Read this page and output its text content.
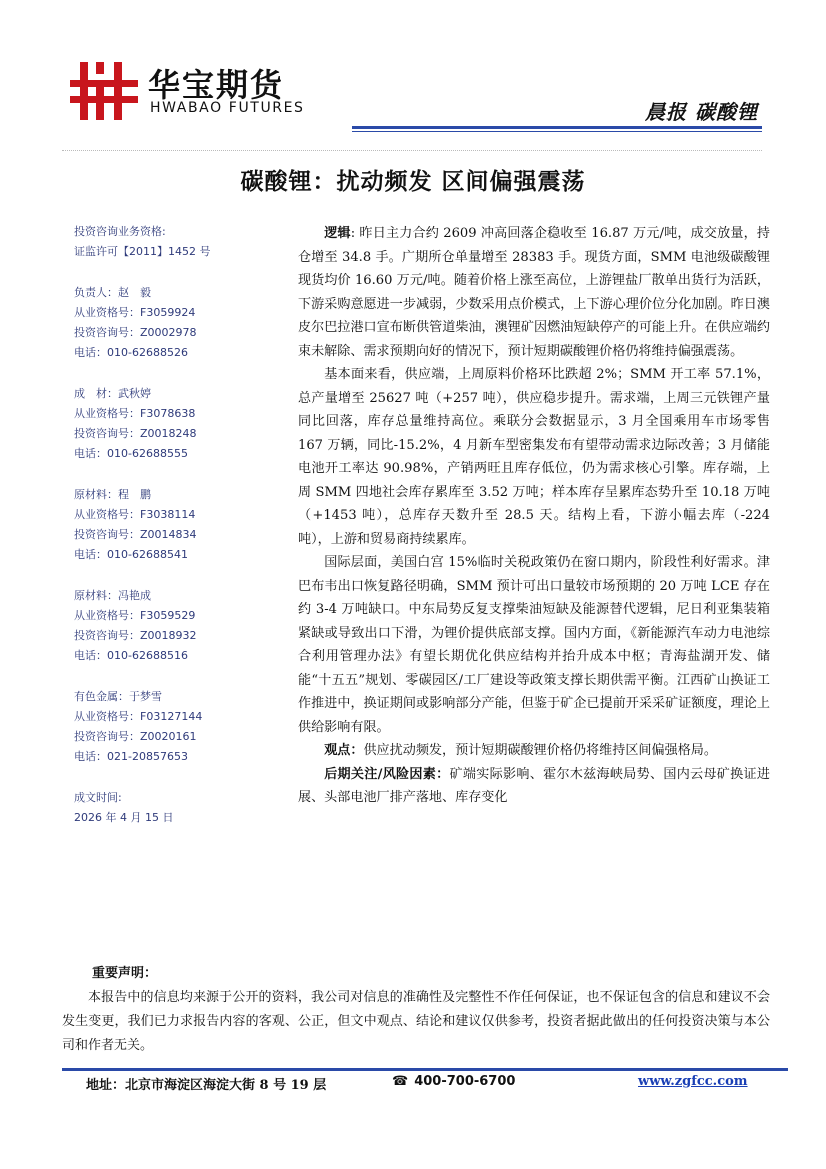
华宝期货
HWABAO FUTURES	晨报 碳酸锂
碳酸锂：扰动频发 区间偏强震荡
投资咨询业务资格:
证监许可【2011】1452 号
负责人：赵　毅
从业资格号：F3059924
投资咨询号：Z0002978
电话：010-62688526
成　材：武秋婷
从业资格号：F3078638
投资咨询号：Z0018248
电话：010-62688555
原材料：程　鹏
从业资格号：F3038114
投资咨询号：Z0014834
电话：010-62688541
原材料：冯艳成
从业资格号：F3059529
投资咨询号：Z0018932
电话：010-62688516
有色金属：于梦雪
从业资格号：F03127144
投资咨询号：Z0020161
电话：021-20857653
成文时间:
2026 年 4 月 15 日

逻辑: 昨日主力合约 2609 冲高回落企稳收至 16.87 万元/吨，成交放量，持仓增至 34.8 手。广期所仓单量增至 28383 手。现货方面，SMM 电池级碳酸锂现货均价 16.60 万元/吨。随着价格上涨至高位，上游锂盐厂散单出货行为活跃，下游采购意愿进一步减弱，少数采用点价模式，上下游心理价位分化加剧。昨日澳皮尔巴拉港口宣布断供管道柴油，澳锂矿因燃油短缺停产的可能上升。在供应端约束未解除、需求预期向好的情况下，预计短期碳酸锂价格仍将维持偏强震荡。

基本面来看，供应端，上周原料价格环比跌超 2%；SMM 开工率 57.1%，总产量增至 25627 吨（+257 吨），供应稳步提升。需求端，上周三元铁锂产量同比回落，库存总量维持高位。乘联分会数据显示，3 月全国乘用车市场零售 167 万辆，同比-15.2%，4 月新车型密集发布有望带动需求边际改善；3 月储能电池开工率达 90.98%，产销两旺且库存低位，仍为需求核心引擎。库存端，上周 SMM 四地社会库存累库至 3.52 万吨；样本库存呈累库态势升至 10.18 万吨（+1453 吨），总库存天数升至 28.5 天。结构上看，下游小幅去库（-224 吨），上游和贸易商持续累库。

国际层面，美国白宫 15%临时关税政策仍在窗口期内，阶段性利好需求。津巴布韦出口恢复路径明确，SMM 预计可出口量较市场预期的 20 万吨 LCE 存在约 3-4 万吨缺口。中东局势反复支撑柴油短缺及能源替代逻辑，尼日利亚集装箱紧缺或导致出口下滑，为锂价提供底部支撑。国内方面，《新能源汽车动力电池综合利用管理办法》有望长期优化供应结构并抬升成本中枢；青海盐湖开发、储能“十五五”规划、零碳园区/工厂建设等政策支撑长期供需平衡。江西矿山换证工作推进中，换证期间或影响部分产能，但鉴于矿企已提前开采采矿证额度，理论上供给影响有限。

观点：供应扰动频发，预计短期碳酸锂价格仍将维持区间偏强格局。

后期关注/风险因素：矿端实际影响、霍尔木兹海峡局势、国内云母矿换证进展、头部电池厂排产落地、库存变化

重要声明：

本报告中的信息均来源于公开的资料，我公司对信息的准确性及完整性不作任何保证，也不保证包含的信息和建议不会发生变更，我们已力求报告内容的客观、公正，但文中观点、结论和建议仅供参考，投资者据此做出的任何投资决策与本公司和作者无关。

地址：北京市海淀区海淀大街 8 号 19 层	☎ 400-700-6700	www.zgfcc.com
